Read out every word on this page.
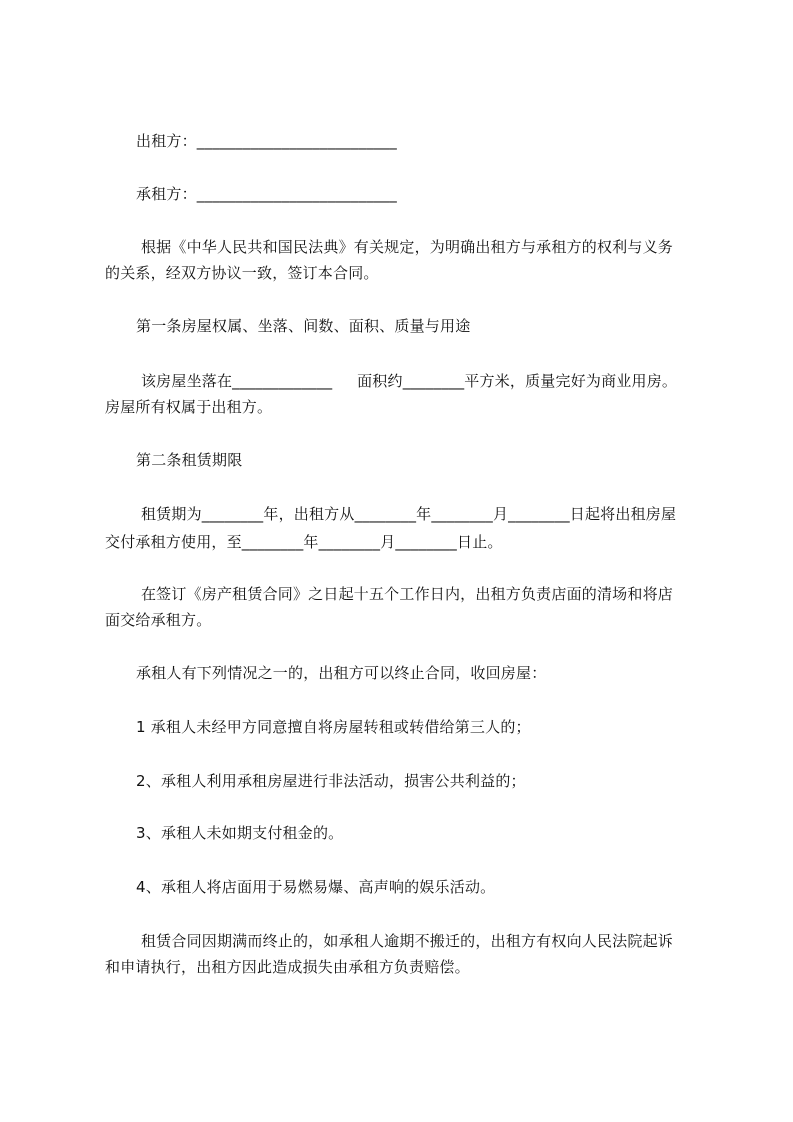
出租方：__________________________
承租方：__________________________
根据《中华人民共和国民法典》有关规定，为明确出租方与承租方的权利与义务
的关系，经双方协议一致，签订本合同。
第一条房屋权属、坐落、间数、面积、质量与用途
该房屋坐落在_____________     面积约________平方米，质量完好为商业用房。
房屋所有权属于出租方。
第二条租赁期限
租赁期为________年，出租方从________年________月________日起将出租房屋
交付承租方使用，至________年________月________日止。
在签订《房产租赁合同》之日起十五个工作日内，出租方负责店面的清场和将店
面交给承租方。
承租人有下列情况之一的，出租方可以终止合同，收回房屋：
1 承租人未经甲方同意擅自将房屋转租或转借给第三人的；
2、承租人利用承租房屋进行非法活动，损害公共利益的；
3、承租人未如期支付租金的。
4、承租人将店面用于易燃易爆、高声响的娱乐活动。
租赁合同因期满而终止的，如承租人逾期不搬迁的，出租方有权向人民法院起诉
和申请执行，出租方因此造成损失由承租方负责赔偿。
